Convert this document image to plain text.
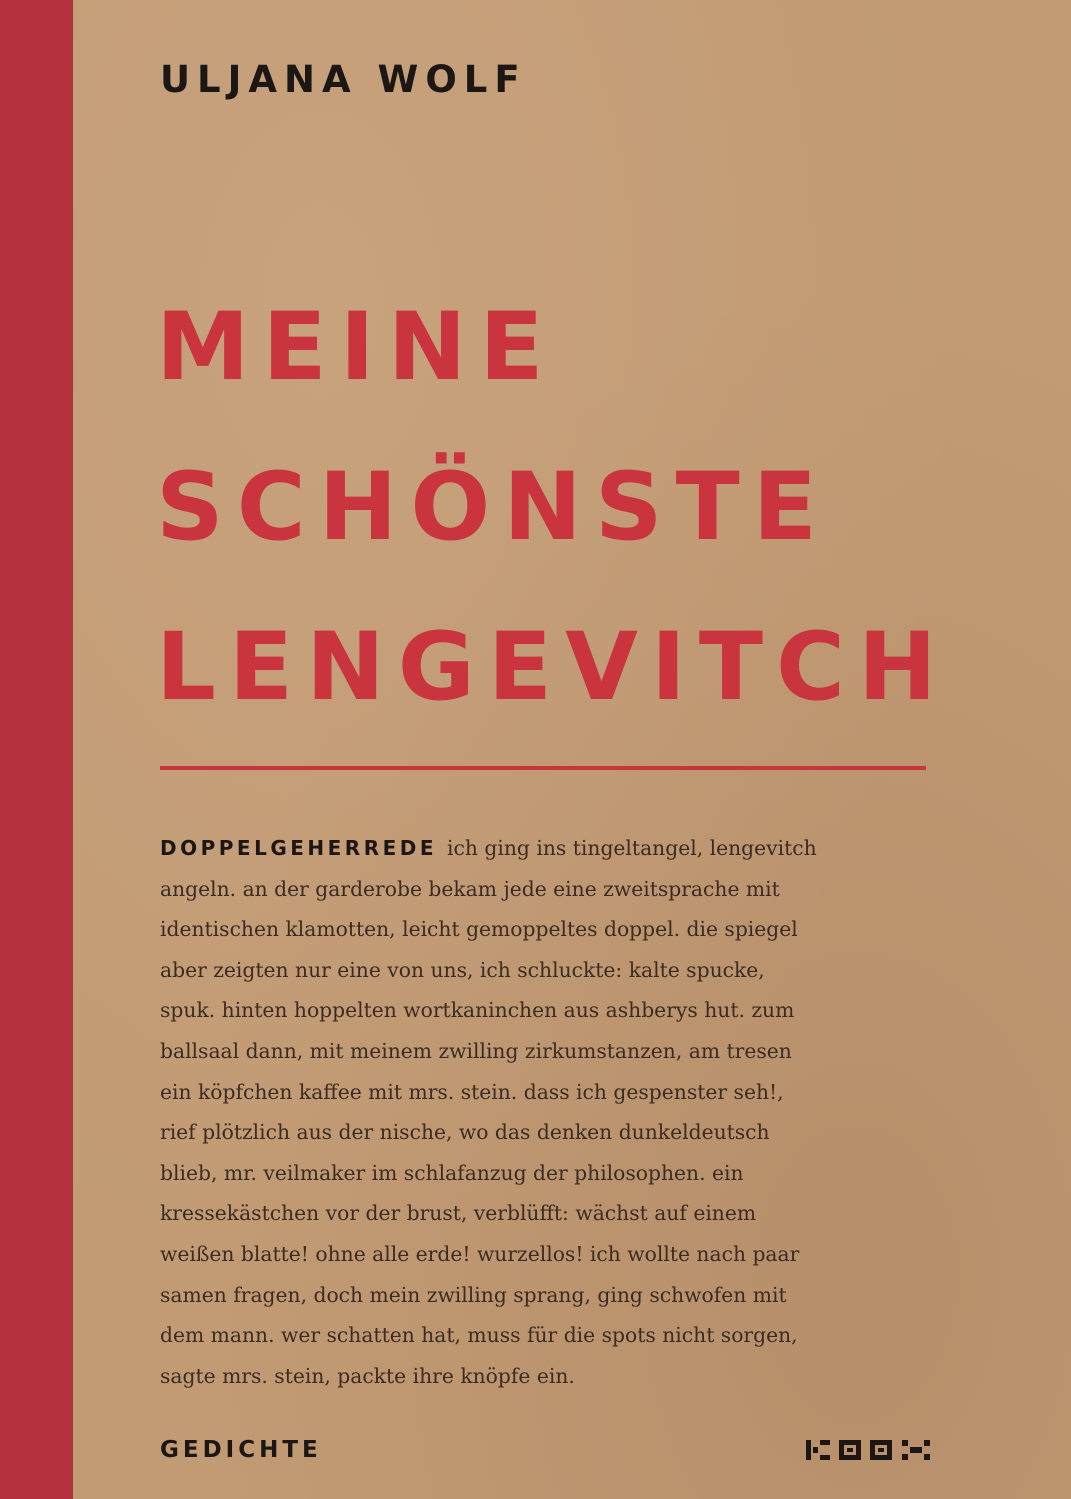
ULJANA WOLF
MEINE
SCHÖNSTE
LENGEVITCH
DOPPELGEHERREDE ich ging ins tingeltangel, lengevitch
angeln. an der garderobe bekam jede eine zweitsprache mit
identischen klamotten, leicht gemoppeltes doppel. die spiegel
aber zeigten nur eine von uns, ich schluckte: kalte spucke,
spuk. hinten hoppelten wortkaninchen aus ashberys hut. zum
ballsaal dann, mit meinem zwilling zirkumstanzen, am tresen
ein köpfchen kaffee mit mrs. stein. dass ich gespenster seh!,
rief plötzlich aus der nische, wo das denken dunkeldeutsch
blieb, mr. veilmaker im schlafanzug der philosophen. ein
kressekästchen vor der brust, verblüfft: wächst auf einem
weißen blatte! ohne alle erde! wurzellos! ich wollte nach paar
samen fragen, doch mein zwilling sprang, ging schwofen mit
dem mann. wer schatten hat, muss für die spots nicht sorgen,
sagte mrs. stein, packte ihre knöpfe ein.
GEDICHTE
